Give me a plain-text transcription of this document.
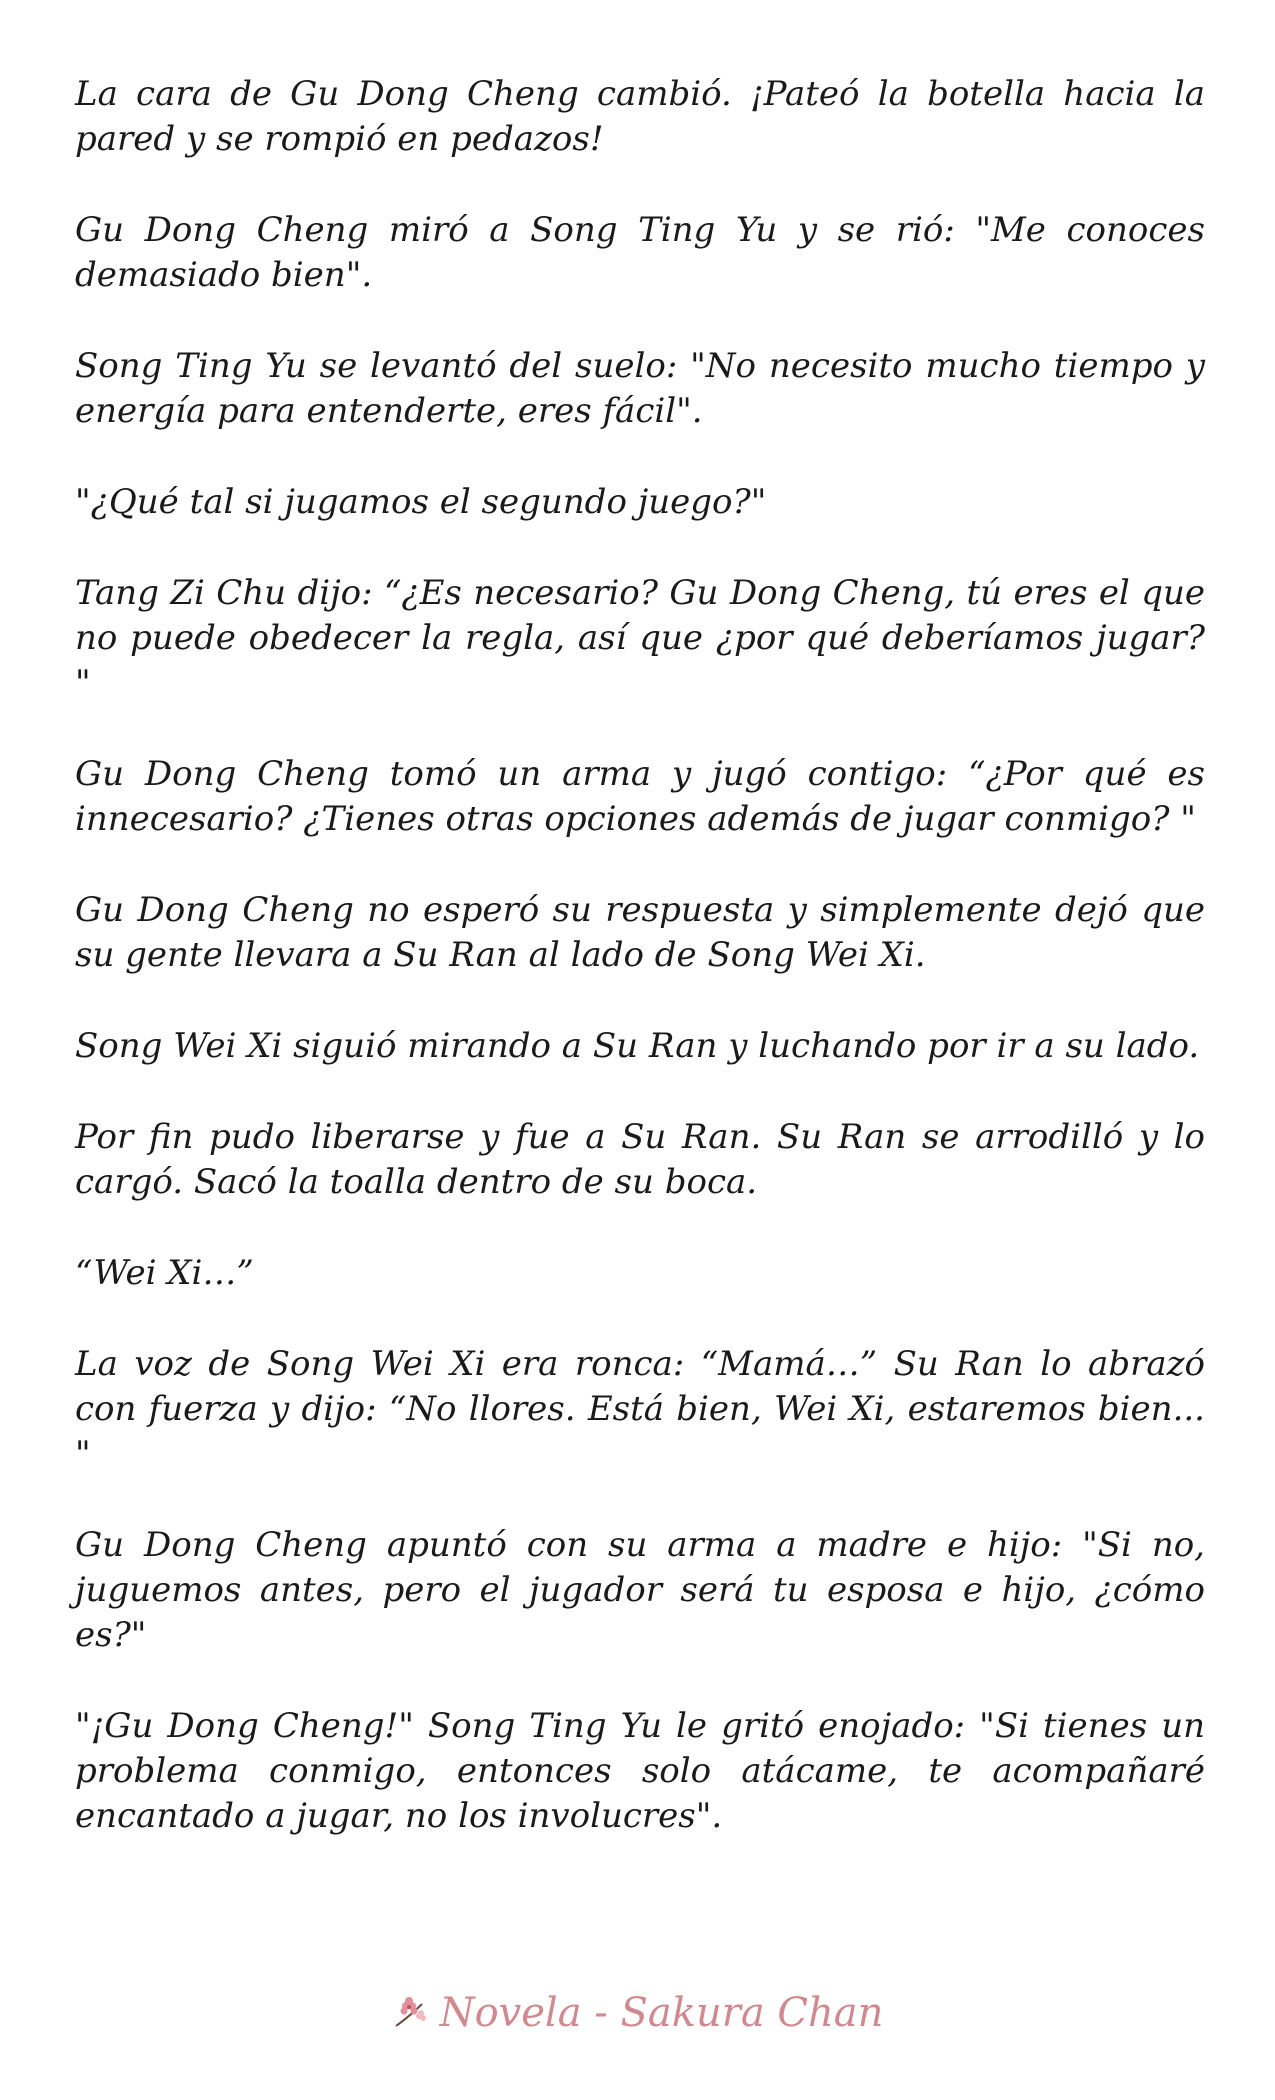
La cara de Gu Dong Cheng cambió. ¡Pateó la botella hacia la pared y se rompió en pedazos!

Gu Dong Cheng miró a Song Ting Yu y se rió: "Me conoces demasiado bien".

Song Ting Yu se levantó del suelo: "No necesito mucho tiempo y energía para entenderte, eres fácil".

"¿Qué tal si jugamos el segundo juego?"

Tang Zi Chu dijo: “¿Es necesario? Gu Dong Cheng, tú eres el que no puede obedecer la regla, así que ¿por qué deberíamos jugar? "

Gu Dong Cheng tomó un arma y jugó contigo: “¿Por qué es innecesario? ¿Tienes otras opciones además de jugar conmigo? "

Gu Dong Cheng no esperó su respuesta y simplemente dejó que su gente llevara a Su Ran al lado de Song Wei Xi.

Song Wei Xi siguió mirando a Su Ran y luchando por ir a su lado.

Por fin pudo liberarse y fue a Su Ran. Su Ran se arrodilló y lo cargó. Sacó la toalla dentro de su boca.

“Wei Xi…”

La voz de Song Wei Xi era ronca: “Mamá…” Su Ran lo abrazó con fuerza y dijo: “No llores. Está bien, Wei Xi, estaremos bien... "

Gu Dong Cheng apuntó con su arma a madre e hijo: "Si no, juguemos antes, pero el jugador será tu esposa e hijo, ¿cómo es?"

"¡Gu Dong Cheng!" Song Ting Yu le gritó enojado: "Si tienes un problema conmigo, entonces solo atácame, te acompañaré encantado a jugar, no los involucres".

Novela - Sakura Chan
